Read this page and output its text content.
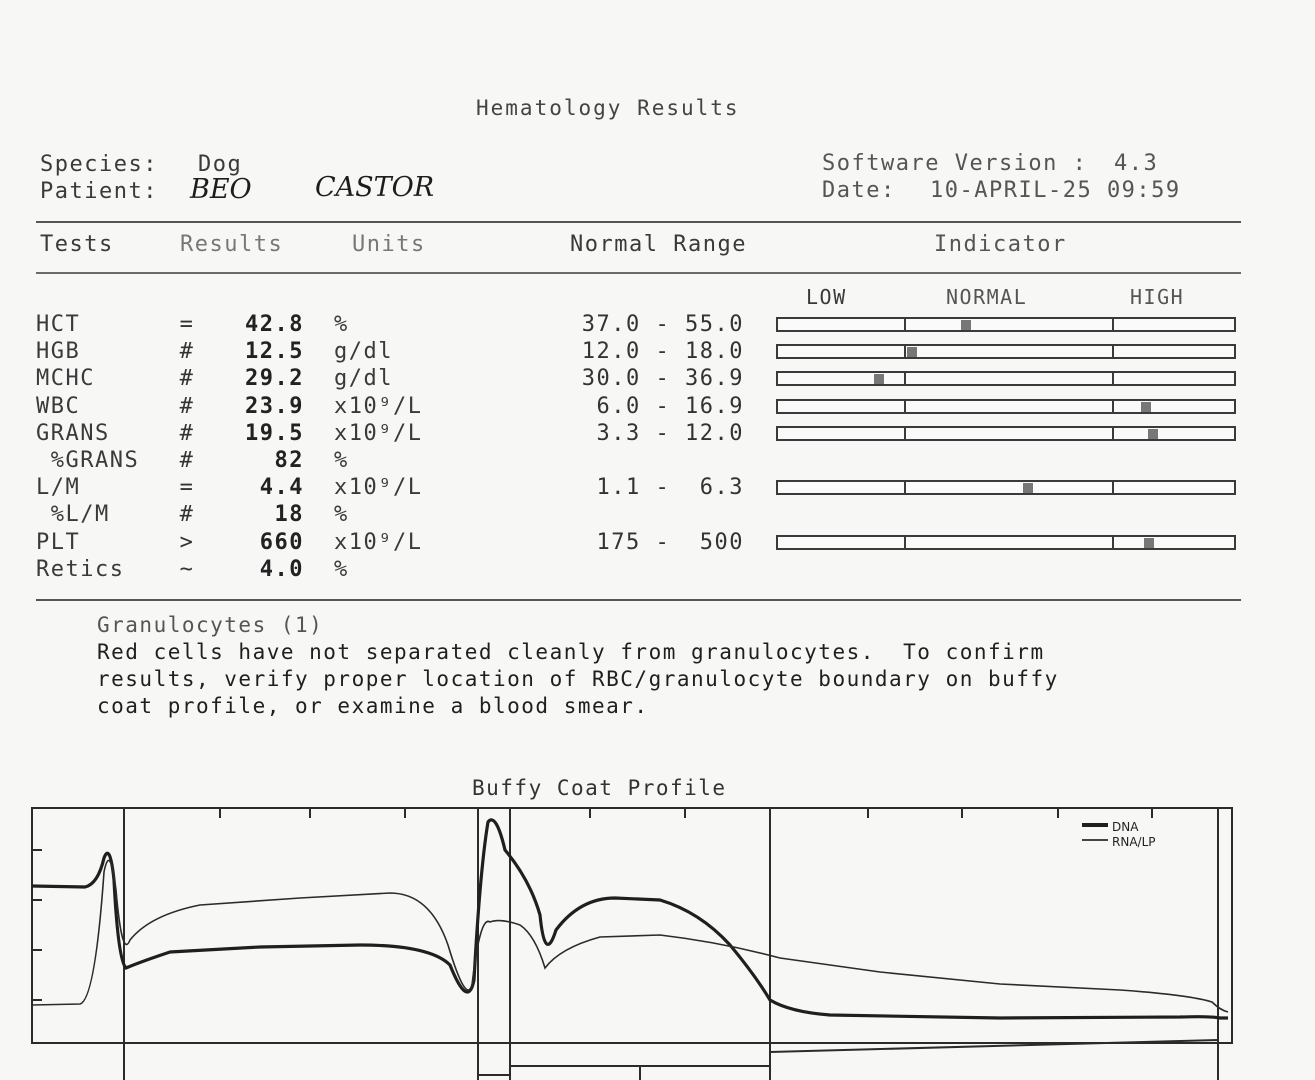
Hematology Results
Species: Dog
Patient: BEO CASTOR
Software Version : 4.3
Date: 10-APRIL-25 09:59
Tests	Results	Units	Normal Range	Indicator
LOW	NORMAL	HIGH
HCT	=	42.8 %	37.0 - 55.0
HGB	#	12.5 g/dl	12.0 - 18.0
MCHC	#	29.2 g/dl	30.0 - 36.9
WBC	#	23.9 x10⁹/L	6.0 - 16.9
GRANS	#	19.5 x10⁹/L	3.3 - 12.0
%GRANS	#	82 %
L/M	=	4.4 x10⁹/L	1.1 -  6.3
%L/M	#	18 %
PLT	>	660 x10⁹/L	175 -  500
Retics	~	4.0 %
Granulocytes (1)
Red cells have not separated cleanly from granulocytes.  To confirm
results, verify proper location of RBC/granulocyte boundary on buffy
coat profile, or examine a blood smear.
Buffy Coat Profile
DNA
RNA/LP
